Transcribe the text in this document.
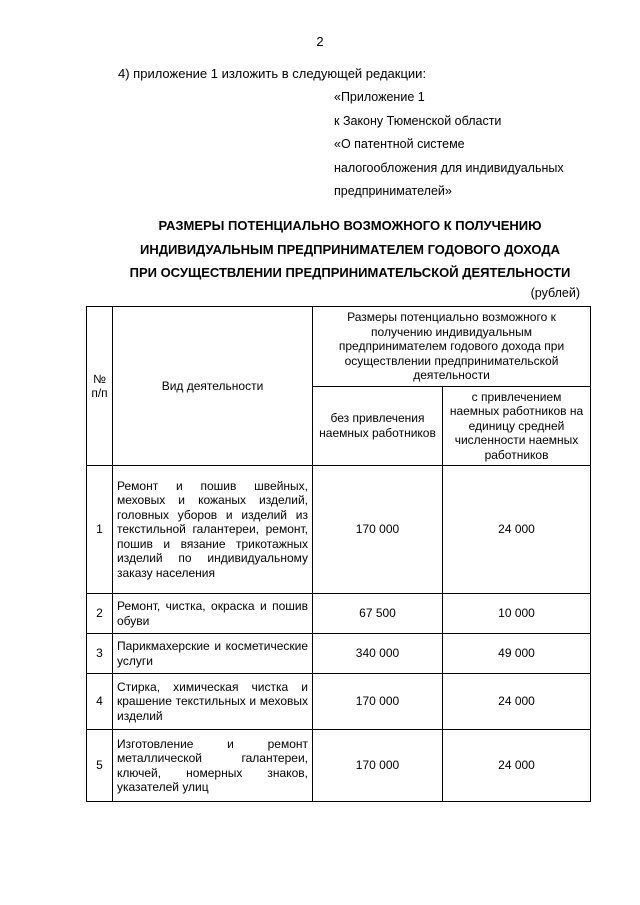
2
4) приложение 1 изложить в следующей редакции:
«Приложение 1
к Закону Тюменской области
«О патентной системе
налогообложения для индивидуальных
предпринимателей»
РАЗМЕРЫ ПОТЕНЦИАЛЬНО ВОЗМОЖНОГО К ПОЛУЧЕНИЮ
ИНДИВИДУАЛЬНЫМ ПРЕДПРИНИМАТЕЛЕМ ГОДОВОГО ДОХОДА
ПРИ ОСУЩЕСТВЛЕНИИ ПРЕДПРИНИМАТЕЛЬСКОЙ ДЕЯТЕЛЬНОСТИ
(рублей)
№ п/п	Вид деятельности	Размеры потенциально возможного к получению индивидуальным предпринимателем годового дохода при осуществлении предпринимательской деятельности	
		без привлечения наемных работников	с привлечением наемных работников на единицу средней численности наемных работников
1	Ремонт и пошив швейных, меховых и кожаных изделий, головных уборов и изделий из текстильной галантереи, ремонт, пошив и вязание трикотажных изделий по индивидуальному заказу населения	170 000	24 000
2	Ремонт, чистка, окраска и пошив обуви	67 500	10 000
3	Парикмахерские и косметические услуги	340 000	49 000
4	Стирка, химическая чистка и крашение текстильных и меховых изделий	170 000	24 000
5	Изготовление и ремонт металлической галантереи, ключей, номерных знаков, указателей улиц	170 000	24 000
